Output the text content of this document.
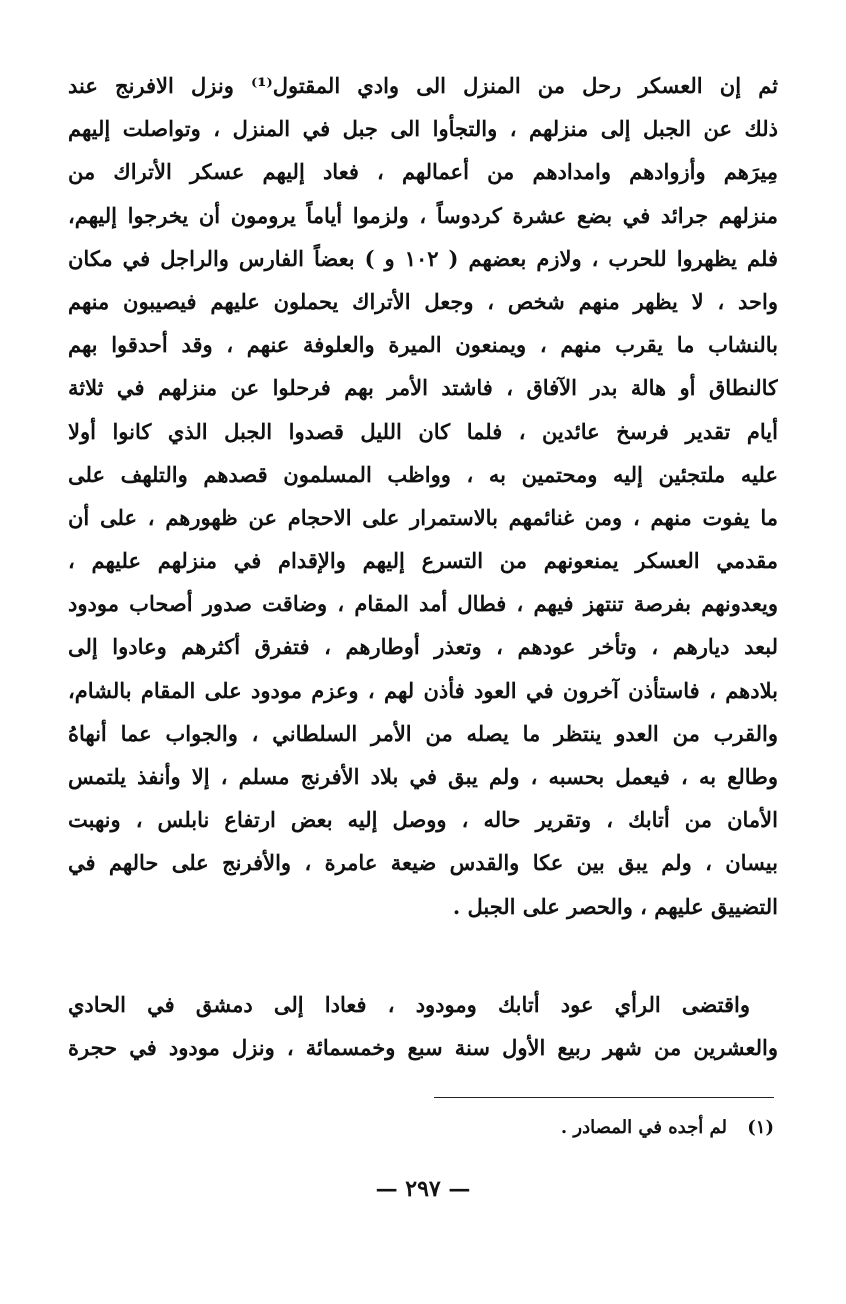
ثم إن العسكر رحل من المنزل الى وادي المقتول⁽¹⁾ ونزل الافرنج عند
ذلك عن الجبل إلى منزلهم ، والتجأوا الى جبل في المنزل ، وتواصلت إليهم
مِيرَهم وأزوادهم وامدادهم من أعمالهم ، فعاد إليهم عسكر الأتراك من
منزلهم جرائد في بضع عشرة كردوساً ، ولزموا أياماً يرومون أن يخرجوا إليهم،
فلم يظهروا للحرب ، ولازم بعضهم ( ١٠٢ و ) بعضاً الفارس والراجل في مكان
واحد ، لا يظهر منهم شخص ، وجعل الأتراك يحملون عليهم فيصيبون منهم
بالنشاب ما يقرب منهم ، ويمنعون الميرة والعلوفة عنهم ، وقد أحدقوا بهم
كالنطاق أو هالة بدر الآفاق ، فاشتد الأمر بهم فرحلوا عن منزلهم في ثلاثة
أيام تقدير فرسخ عائدين ، فلما كان الليل قصدوا الجبل الذي كانوا أولا
عليه ملتجئين إليه ومحتمين به ، وواظب المسلمون قصدهم والتلهف على
ما يفوت منهم ، ومن غنائمهم بالاستمرار على الاحجام عن ظهورهم ، على أن
مقدمي العسكر يمنعونهم من التسرع إليهم والإقدام في منزلهم عليهم ،
ويعدونهم بفرصة تنتهز فيهم ، فطال أمد المقام ، وضاقت صدور أصحاب مودود
لبعد ديارهم ، وتأخر عودهم ، وتعذر أوطارهم ، فتفرق أكثرهم وعادوا إلى
بلادهم ، فاستأذن آخرون في العود فأذن لهم ، وعزم مودود على المقام بالشام،
والقرب من العدو ينتظر ما يصله من الأمر السلطاني ، والجواب عما أنهاهُ
وطالع به ، فيعمل بحسبه ، ولم يبق في بلاد الأفرنج مسلم ، إلا وأنفذ يلتمس
الأمان من أتابك ، وتقرير حاله ، ووصل إليه بعض ارتفاع نابلس ، ونهبت
بيسان ، ولم يبق بين عكا والقدس ضيعة عامرة ، والأفرنج على حالهم في
التضييق عليهم ، والحصر على الجبل .
واقتضى الرأي عود أتابك ومودود ، فعادا إلى دمشق في الحادي
والعشرين من شهر ربيع الأول سنة سبع وخمسمائة ، ونزل مودود في حجرة
(١) لم أجده في المصادر .
— ٢٩٧ —
